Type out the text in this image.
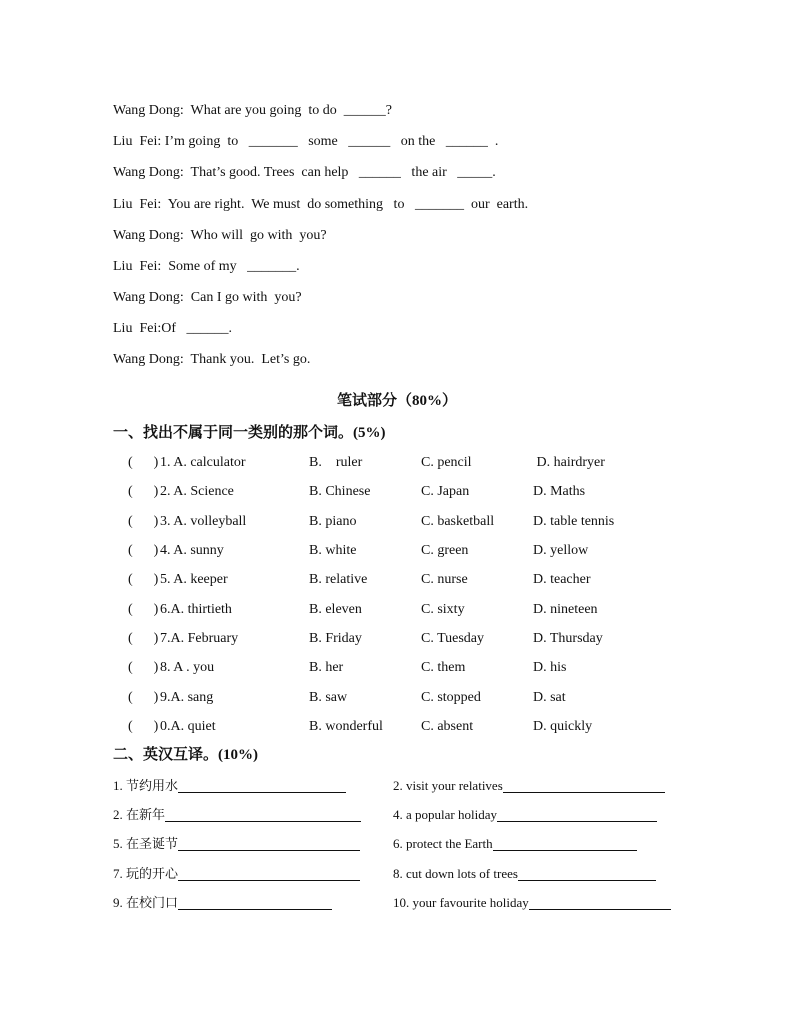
Wang Dong:  What are you going  to do  ______?
Liu  Fei: I’m going  to   _______   some   ______   on the   ______  .
Wang Dong:  That’s good. Trees  can help   ______   the air   _____.
Liu  Fei:  You are right.  We must  do something   to   _______  our  earth.
Wang Dong:  Who will  go with  you?
Liu  Fei:  Some of my   _______.
Wang Dong:  Can I go with  you?
Liu  Fei:Of   ______.
Wang Dong:  Thank you.  Let’s go.
笔试部分（80%）
一、找出不属于同一类别的那个词。(5%)
(      ) 1. A. calculator	B.    ruler	C. pencil	D. hairdryer
(      ) 2. A. Science	B. Chinese	C. Japan	D. Maths
(      ) 3. A. volleyball	B. piano	C. basketball	D. table tennis
(      ) 4. A. sunny	B. white	C. green	D. yellow
(      ) 5. A. keeper	B. relative	C. nurse	D. teacher
(      ) 6.A. thirtieth	B. eleven	C. sixty	D. nineteen
(      ) 7.A. February	B. Friday	C. Tuesday	D. Thursday
(      ) 8. A . you	B. her	C. them	D. his
(      ) 9.A. sang	B. saw	C. stopped	D. sat
(      ) 0.A. quiet	B. wonderful	C. absent	D. quickly
二、英汉互译。(10%)
1. 节约用水	2. visit your relatives
2. 在新年	4. a popular holiday
5. 在圣诞节	6. protect the Earth
7. 玩的开心	8. cut down lots of trees
9. 在校门口	10. your favourite holiday
